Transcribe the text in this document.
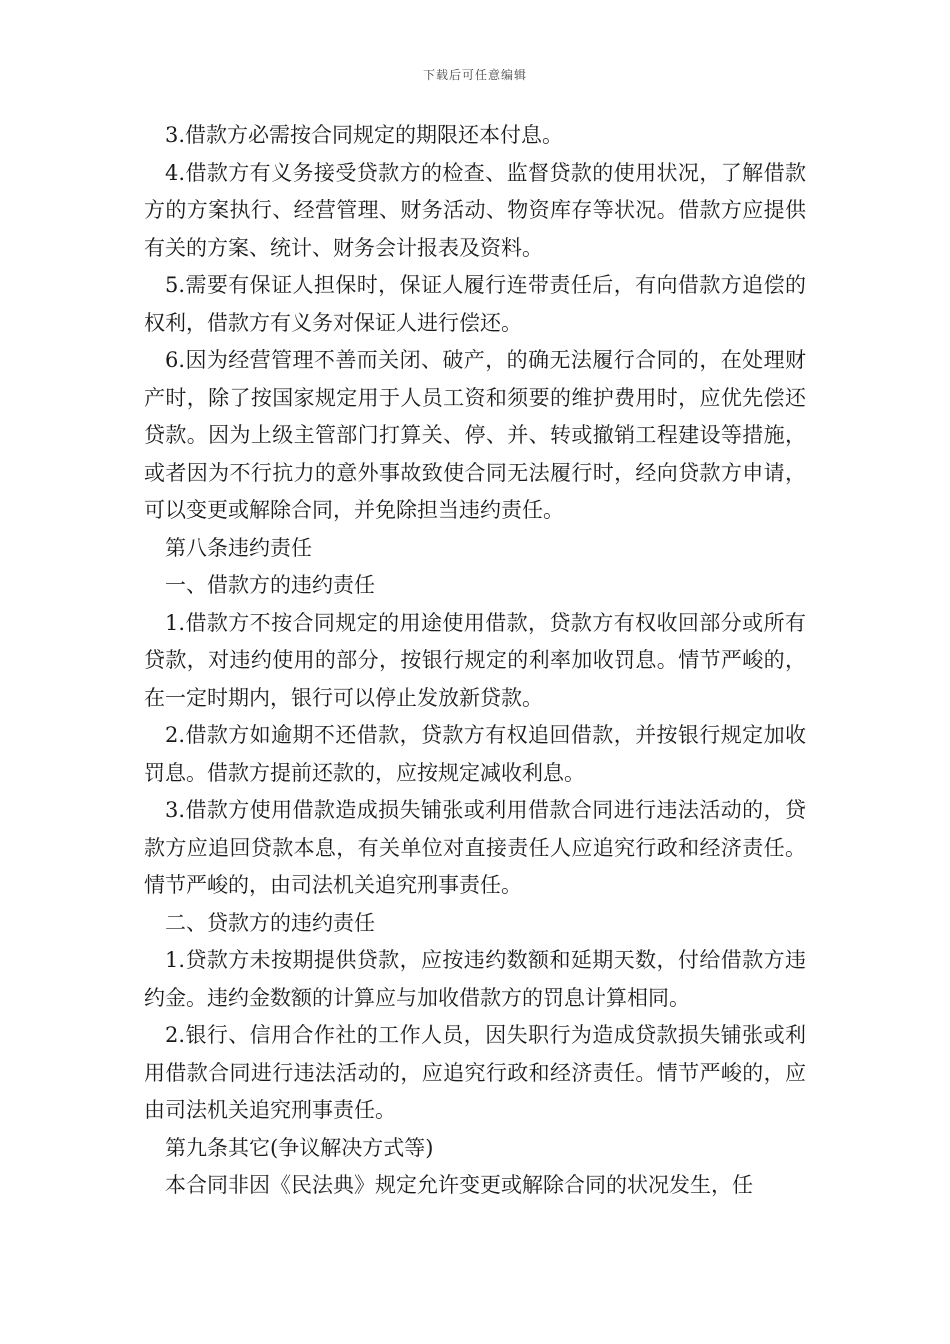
下载后可任意编辑

3.借款方必需按合同规定的期限还本付息。

4.借款方有义务接受贷款方的检查、监督贷款的使用状况，了解借款方的方案执行、经营管理、财务活动、物资库存等状况。借款方应提供有关的方案、统计、财务会计报表及资料。

5.需要有保证人担保时，保证人履行连带责任后，有向借款方追偿的权利，借款方有义务对保证人进行偿还。

6.因为经营管理不善而关闭、破产，的确无法履行合同的，在处理财产时，除了按国家规定用于人员工资和须要的维护费用时，应优先偿还贷款。因为上级主管部门打算关、停、并、转或撤销工程建设等措施，或者因为不行抗力的意外事故致使合同无法履行时，经向贷款方申请，可以变更或解除合同，并免除担当违约责任。

第八条违约责任

一、借款方的违约责任

1.借款方不按合同规定的用途使用借款，贷款方有权收回部分或所有贷款，对违约使用的部分，按银行规定的利率加收罚息。情节严峻的，在一定时期内，银行可以停止发放新贷款。

2.借款方如逾期不还借款，贷款方有权追回借款，并按银行规定加收罚息。借款方提前还款的，应按规定减收利息。

3.借款方使用借款造成损失铺张或利用借款合同进行违法活动的，贷款方应追回贷款本息，有关单位对直接责任人应追究行政和经济责任。情节严峻的，由司法机关追究刑事责任。

二、贷款方的违约责任

1.贷款方未按期提供贷款，应按违约数额和延期天数，付给借款方违约金。违约金数额的计算应与加收借款方的罚息计算相同。

2.银行、信用合作社的工作人员，因失职行为造成贷款损失铺张或利用借款合同进行违法活动的，应追究行政和经济责任。情节严峻的，应由司法机关追究刑事责任。

第九条其它(争议解决方式等)

本合同非因《民法典》规定允许变更或解除合同的状况发生，任
